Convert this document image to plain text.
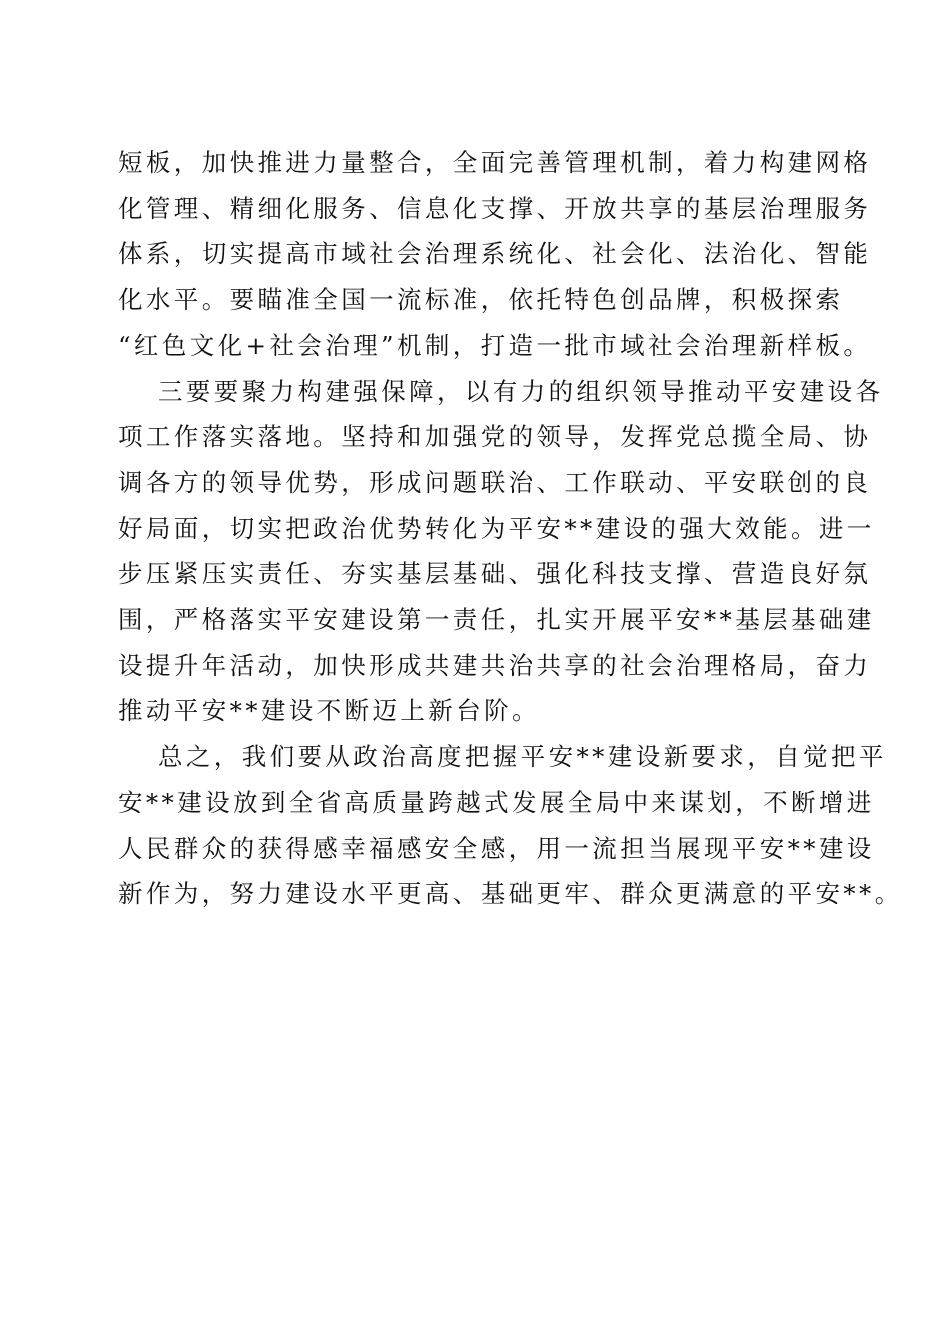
短板，加快推进力量整合，全面完善管理机制，着力构建网格
化管理、精细化服务、信息化支撑、开放共享的基层治理服务
体系，切实提高市域社会治理系统化、社会化、法治化、智能
化水平。要瞄准全国一流标准，依托特色创品牌，积极探索
“红色文化+社会治理”机制，打造一批市域社会治理新样板。
三要要聚力构建强保障，以有力的组织领导推动平安建设各
项工作落实落地。坚持和加强党的领导，发挥党总揽全局、协
调各方的领导优势，形成问题联治、工作联动、平安联创的良
好局面，切实把政治优势转化为平安**建设的强大效能。进一
步压紧压实责任、夯实基层基础、强化科技支撑、营造良好氛
围，严格落实平安建设第一责任，扎实开展平安**基层基础建
设提升年活动，加快形成共建共治共享的社会治理格局，奋力
推动平安**建设不断迈上新台阶。
总之，我们要从政治高度把握平安**建设新要求，自觉把平
安**建设放到全省高质量跨越式发展全局中来谋划，不断增进
人民群众的获得感幸福感安全感，用一流担当展现平安**建设
新作为，努力建设水平更高、基础更牢、群众更满意的平安**。
